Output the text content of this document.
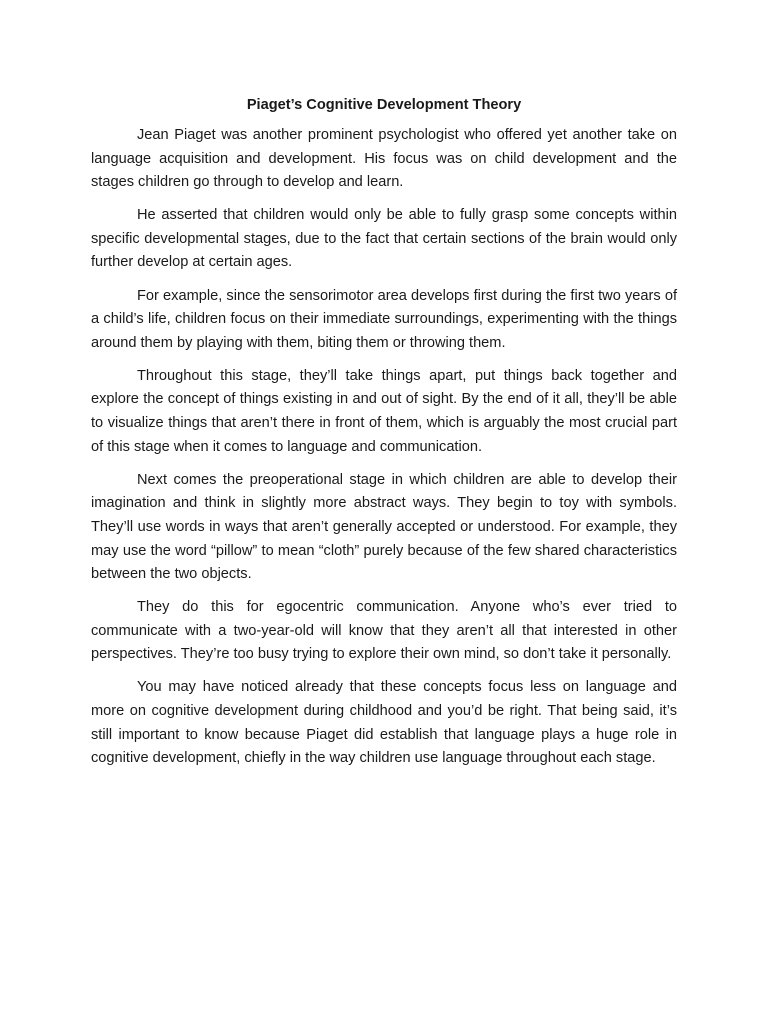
Piaget’s Cognitive Development Theory

Jean Piaget was another prominent psychologist who offered yet another take on language acquisition and development. His focus was on child development and the stages children go through to develop and learn.

He asserted that children would only be able to fully grasp some concepts within specific developmental stages, due to the fact that certain sections of the brain would only further develop at certain ages.

For example, since the sensorimotor area develops first during the first two years of a child’s life, children focus on their immediate surroundings, experimenting with the things around them by playing with them, biting them or throwing them.

Throughout this stage, they’ll take things apart, put things back together and explore the concept of things existing in and out of sight. By the end of it all, they’ll be able to visualize things that aren’t there in front of them, which is arguably the most crucial part of this stage when it comes to language and communication.

Next comes the preoperational stage in which children are able to develop their imagination and think in slightly more abstract ways. They begin to toy with symbols. They’ll use words in ways that aren’t generally accepted or understood. For example, they may use the word “pillow” to mean “cloth” purely because of the few shared characteristics between the two objects.

They do this for egocentric communication. Anyone who’s ever tried to communicate with a two-year-old will know that they aren’t all that interested in other perspectives. They’re too busy trying to explore their own mind, so don’t take it personally.

You may have noticed already that these concepts focus less on language and more on cognitive development during childhood and you’d be right. That being said, it’s still important to know because Piaget did establish that language plays a huge role in cognitive development, chiefly in the way children use language throughout each stage.
